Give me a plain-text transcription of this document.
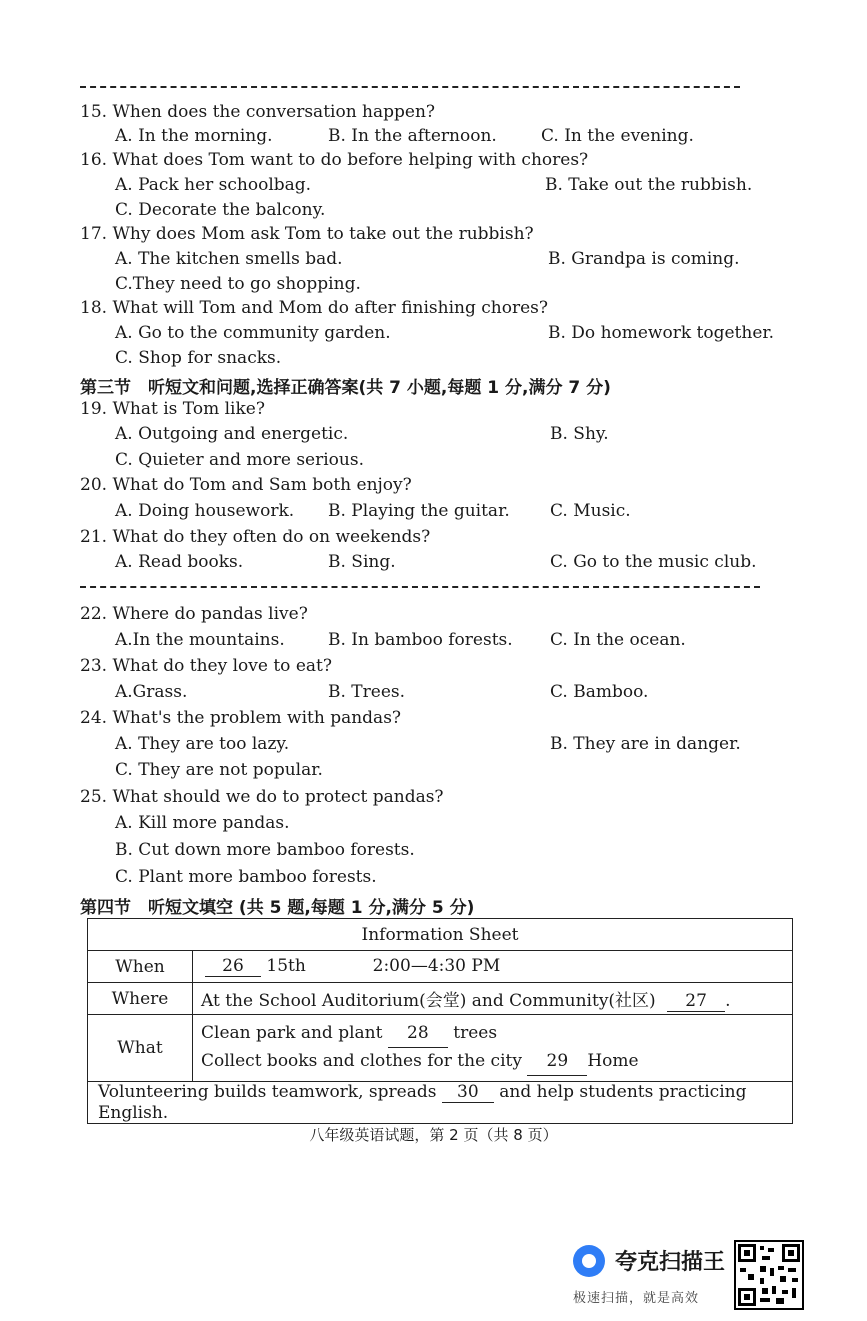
15. When does the conversation happen?
A. In the morning.	B. In the afternoon.	C. In the evening.
16. What does Tom want to do before helping with chores?
A. Pack her schoolbag.	B. Take out the rubbish.
C. Decorate the balcony.
17. Why does Mom ask Tom to take out the rubbish?
A. The kitchen smells bad.	B. Grandpa is coming.
C.They need to go shopping.
18. What will Tom and Mom do after finishing chores?
A. Go to the community garden.	B. Do homework together.
C. Shop for snacks.
第三节　听短文和问题,选择正确答案(共 7 小题,每题 1 分,满分 7 分)
19. What is Tom like?
A. Outgoing and energetic.	B. Shy.
C. Quieter and more serious.
20. What do Tom and Sam both enjoy?
A. Doing housework. B. Playing the guitar. C. Music.
21. What do they often do on weekends?
A. Read books.	B. Sing.	C. Go to the music club.
22. Where do pandas live?
A.In the mountains.	B. In bamboo forests. C. In the ocean.
23. What do they love to eat?
A.Grass.	B. Trees.	C. Bamboo.
24. What's the problem with pandas?
A. They are too lazy.	B. They are in danger.
C. They are not popular.
25. What should we do to protect pandas?
A. Kill more pandas.
B. Cut down more bamboo forests.
C. Plant more bamboo forests.
第四节　听短文填空 (共 5 题,每题 1 分,满分 5 分)
Information Sheet	
When	26 15th 2:00—4:30 PM
Where	At the School Auditorium(会堂) and Community(社区) 27 .
What	Clean park and plant 28 trees
Collect books and clothes for the city 29 Home
Volunteering builds teamwork, spreads 30 and help students practicing English.	
八年级英语试题，第 2 页（共 8 页）
夸克扫描王
极速扫描，就是高效
